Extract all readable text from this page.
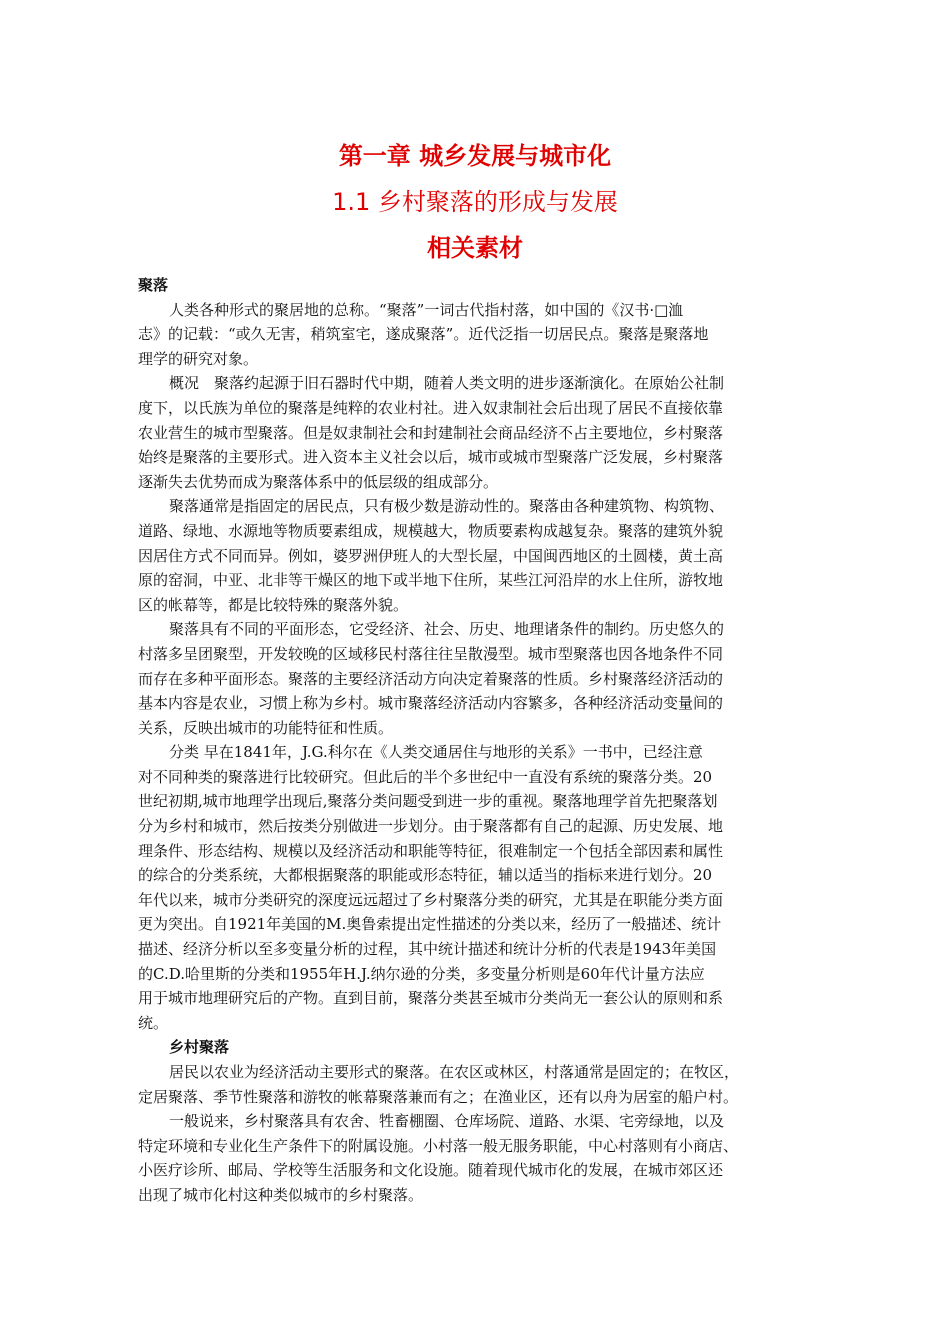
第一章 城乡发展与城市化
1.1 乡村聚落的形成与发展
相关素材
聚落
人类各种形式的聚居地的总称。“聚落”一词古代指村落，如中国的《汉书·□洫
志》的记载：“或久无害，稍筑室宅，遂成聚落”。近代泛指一切居民点。聚落是聚落地
理学的研究对象。
概况　聚落约起源于旧石器时代中期，随着人类文明的进步逐渐演化。在原始公社制
度下，以氏族为单位的聚落是纯粹的农业村社。进入奴隶制社会后出现了居民不直接依靠
农业营生的城市型聚落。但是奴隶制社会和封建制社会商品经济不占主要地位，乡村聚落
始终是聚落的主要形式。进入资本主义社会以后，城市或城市型聚落广泛发展，乡村聚落
逐渐失去优势而成为聚落体系中的低层级的组成部分。
聚落通常是指固定的居民点，只有极少数是游动性的。聚落由各种建筑物、构筑物、
道路、绿地、水源地等物质要素组成，规模越大，物质要素构成越复杂。聚落的建筑外貌
因居住方式不同而异。例如，婆罗洲伊班人的大型长屋，中国闽西地区的土圆楼，黄土高
原的窑洞，中亚、北非等干燥区的地下或半地下住所，某些江河沿岸的水上住所，游牧地
区的帐幕等，都是比较特殊的聚落外貌。
聚落具有不同的平面形态，它受经济、社会、历史、地理诸条件的制约。历史悠久的
村落多呈团聚型，开发较晚的区域移民村落往往呈散漫型。城市型聚落也因各地条件不同
而存在多种平面形态。聚落的主要经济活动方向决定着聚落的性质。乡村聚落经济活动的
基本内容是农业，习惯上称为乡村。城市聚落经济活动内容繁多，各种经济活动变量间的
关系，反映出城市的功能特征和性质。
分类 早在1841年，J.G.科尔在《人类交通居住与地形的关系》一书中，已经注意
对不同种类的聚落进行比较研究。但此后的半个多世纪中一直没有系统的聚落分类。20
世纪初期,城市地理学出现后,聚落分类问题受到进一步的重视。聚落地理学首先把聚落划
分为乡村和城市，然后按类分别做进一步划分。由于聚落都有自己的起源、历史发展、地
理条件、形态结构、规模以及经济活动和职能等特征，很难制定一个包括全部因素和属性
的综合的分类系统，大都根据聚落的职能或形态特征，辅以适当的指标来进行划分。20
年代以来，城市分类研究的深度远远超过了乡村聚落分类的研究，尤其是在职能分类方面
更为突出。自1921年美国的M.奥鲁索提出定性描述的分类以来，经历了一般描述、统计
描述、经济分析以至多变量分析的过程，其中统计描述和统计分析的代表是1943年美国
的C.D.哈里斯的分类和1955年H.J.纳尔逊的分类，多变量分析则是60年代计量方法应
用于城市地理研究后的产物。直到目前，聚落分类甚至城市分类尚无一套公认的原则和系
统。
乡村聚落
居民以农业为经济活动主要形式的聚落。在农区或林区，村落通常是固定的；在牧区，
定居聚落、季节性聚落和游牧的帐幕聚落兼而有之；在渔业区，还有以舟为居室的船户村。
一般说来，乡村聚落具有农舍、牲畜棚圈、仓库场院、道路、水渠、宅旁绿地，以及
特定环境和专业化生产条件下的附属设施。小村落一般无服务职能，中心村落则有小商店、
小医疗诊所、邮局、学校等生活服务和文化设施。随着现代城市化的发展，在城市郊区还
出现了城市化村这种类似城市的乡村聚落。
